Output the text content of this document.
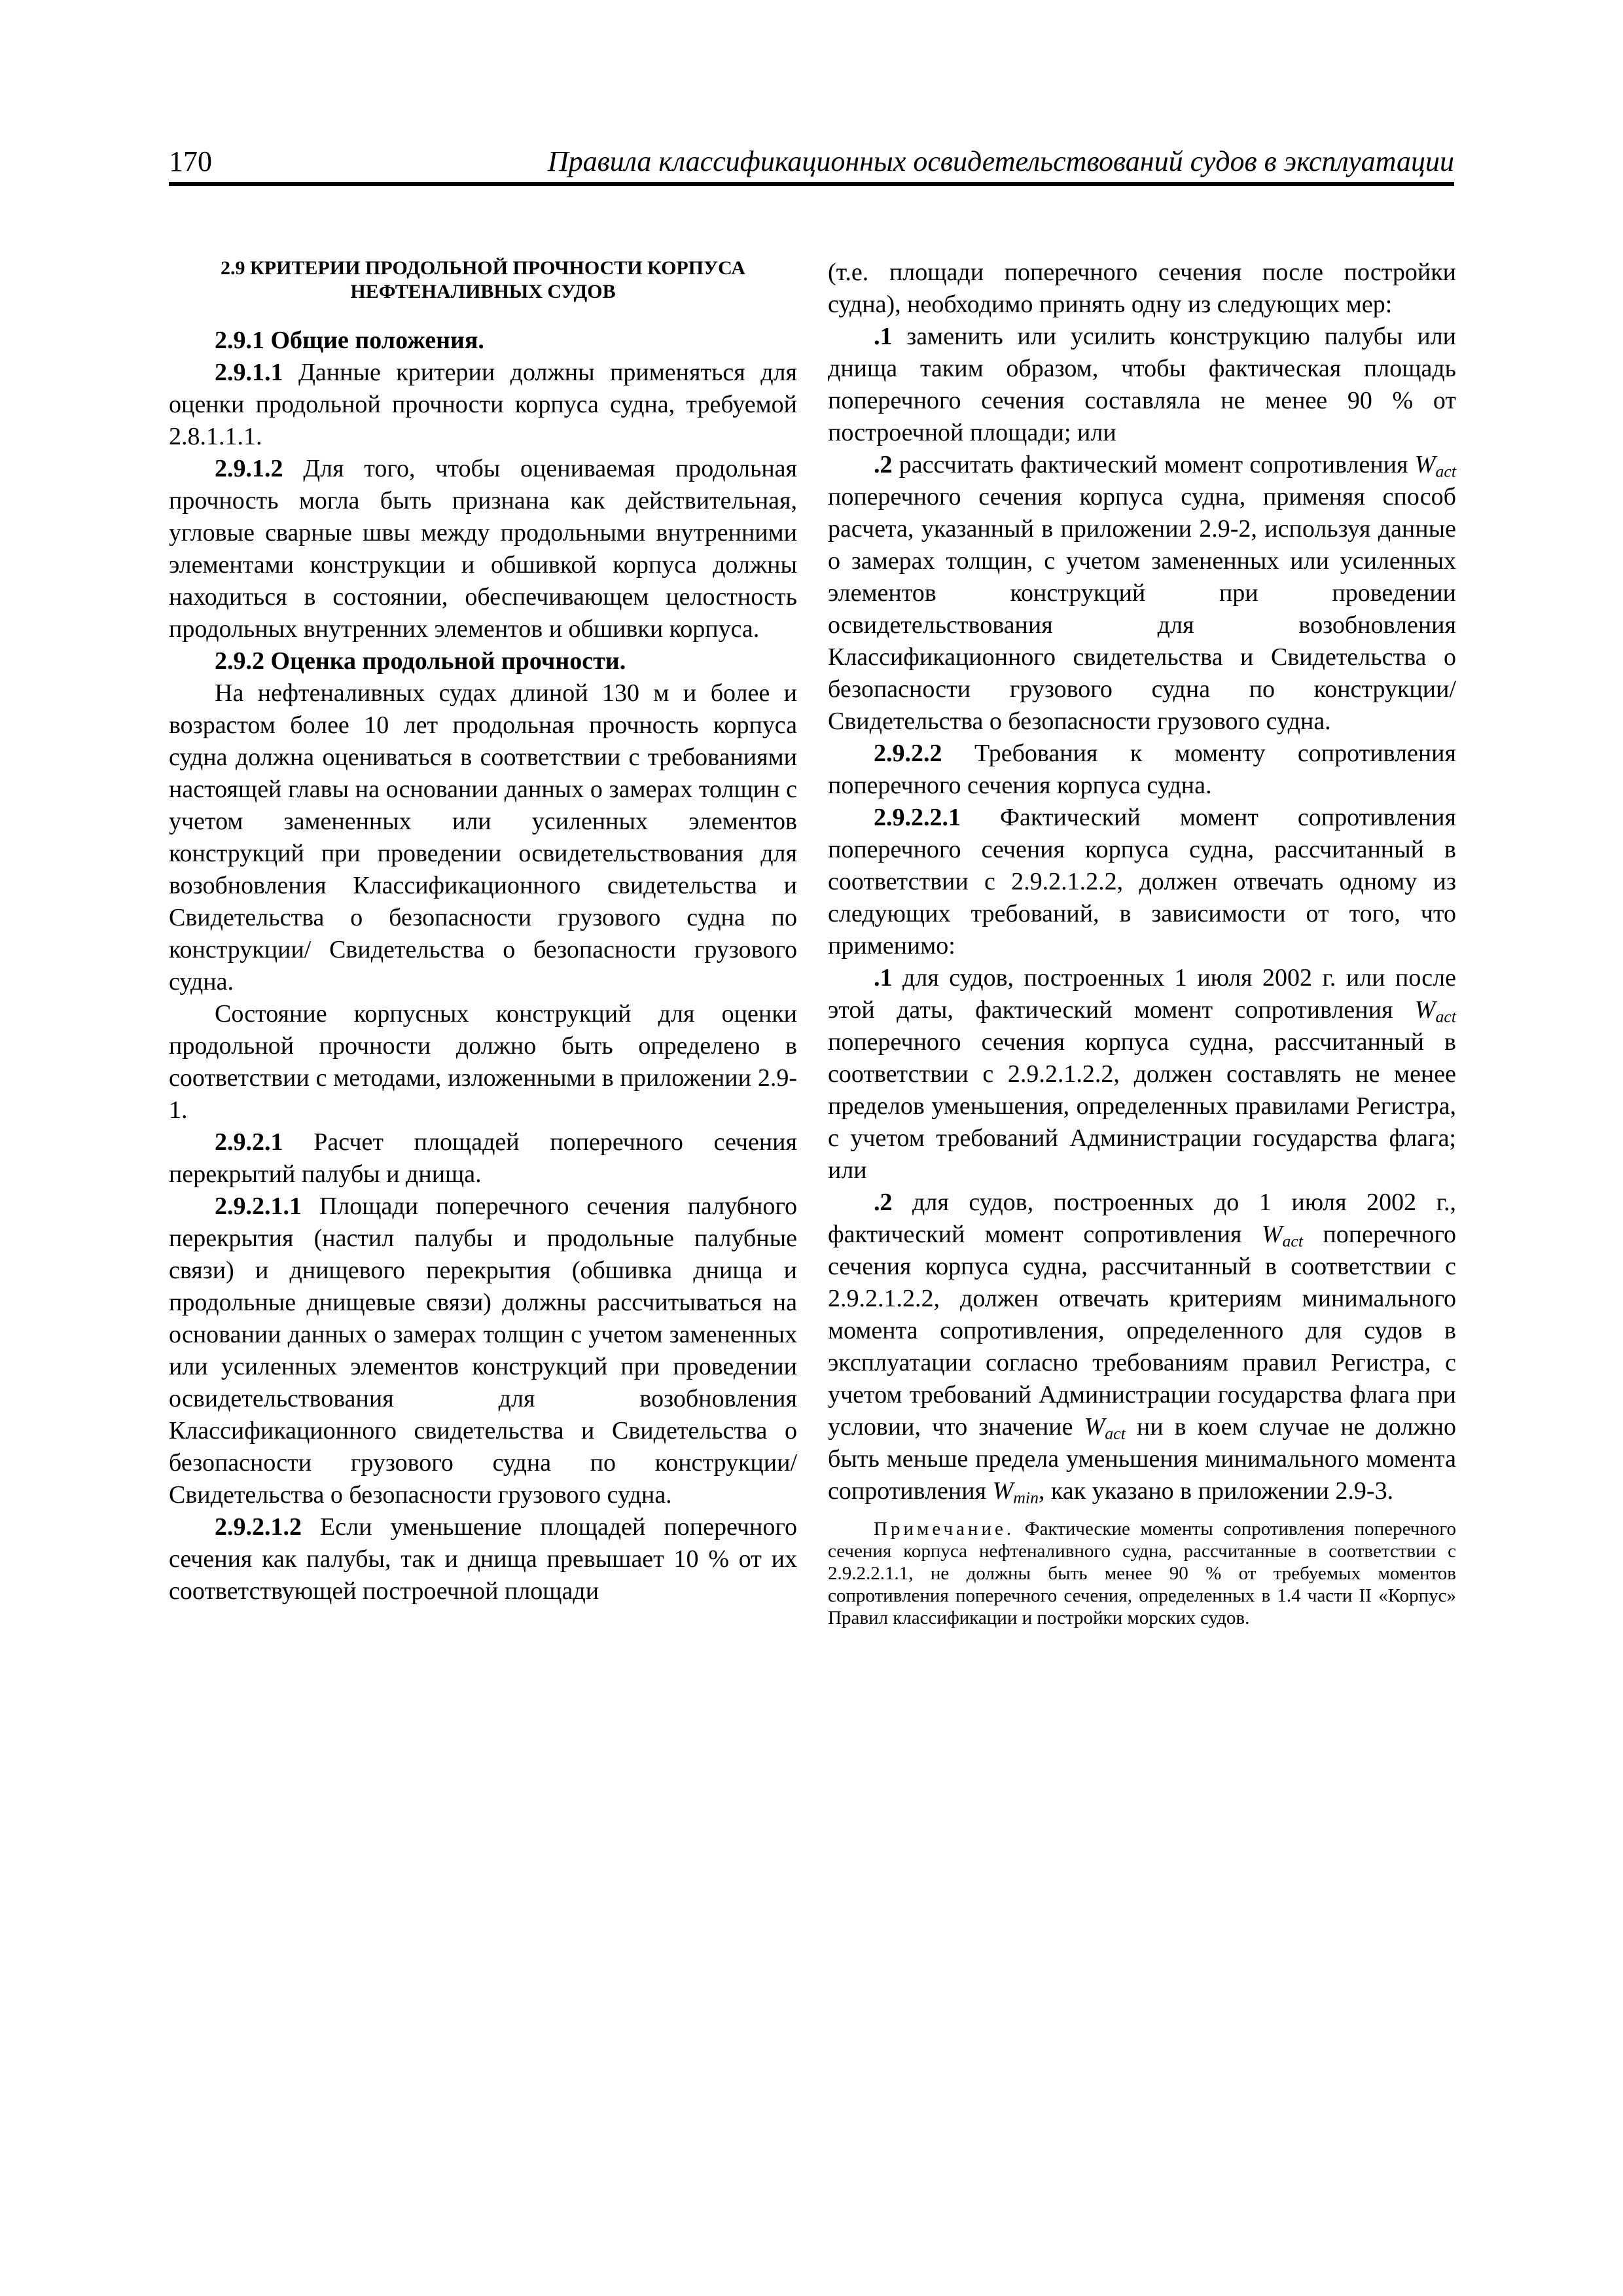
170	Правила классификационных освидетельствований судов в эксплуатации

2.9 КРИТЕРИИ ПРОДОЛЬНОЙ ПРОЧНОСТИ КОРПУСА
НЕФТЕНАЛИВНЫХ СУДОВ

2.9.1 Общие положения.

2.9.1.1 Данные критерии должны применяться для оценки продольной прочности корпуса судна, требуемой 2.8.1.1.1.

2.9.1.2 Для того, чтобы оцениваемая продольная прочность могла быть признана как действительная, угловые сварные швы между продольными внутренними элементами конструкции и обшивкой корпуса должны находиться в состоянии, обеспечивающем целостность продольных внутренних элементов и обшивки корпуса.

2.9.2 Оценка продольной прочности.

На нефтеналивных судах длиной 130 м и более и возрастом более 10 лет продольная прочность корпуса судна должна оцениваться в соответствии с требованиями настоящей главы на основании данных о замерах толщин с учетом замененных или усиленных элементов конструкций при проведении освидетельствования для возобновления Классификационного свидетельства и Свидетельства о безопасности грузового судна по конструкции/ Свидетельства о безопасности грузового судна.

Состояние корпусных конструкций для оценки продольной прочности должно быть определено в соответствии с методами, изложенными в приложении 2.9-1.

2.9.2.1 Расчет площадей поперечного сечения перекрытий палубы и днища.

2.9.2.1.1 Площади поперечного сечения палубного перекрытия (настил палубы и продольные палубные связи) и днищевого перекрытия (обшивка днища и продольные днищевые связи) должны рассчитываться на основании данных о замерах толщин с учетом замененных или усиленных элементов конструкций при проведении освидетельствования для возобновления Классификационного свидетельства и Свидетельства о безопасности грузового судна по конструкции/ Свидетельства о безопасности грузового судна.

2.9.2.1.2 Если уменьшение площадей поперечного сечения как палубы, так и днища превышает 10 % от их соответствующей построечной площади

(т.е. площади поперечного сечения после постройки судна), необходимо принять одну из следующих мер:

.1 заменить или усилить конструкцию палубы или днища таким образом, чтобы фактическая площадь поперечного сечения составляла не менее 90 % от построечной площади; или

.2 рассчитать фактический момент сопротивления $W_{act}$ поперечного сечения корпуса судна, применяя способ расчета, указанный в приложении 2.9-2, используя данные о замерах толщин, с учетом замененных или усиленных элементов конструкций при проведении освидетельствования для возобновления Классификационного свидетельства и Свидетельства о безопасности грузового судна по конструкции/Свидетельства о безопасности грузового судна.

2.9.2.2 Требования к моменту сопротивления поперечного сечения корпуса судна.

2.9.2.2.1 Фактический момент сопротивления поперечного сечения корпуса судна, рассчитанный в соответствии с 2.9.2.1.2.2, должен отвечать одному из следующих требований, в зависимости от того, что применимо:

.1 для судов, построенных 1 июля 2002 г. или после этой даты, фактический момент сопротивления $W_{act}$ поперечного сечения корпуса судна, рассчитанный в соответствии с 2.9.2.1.2.2, должен составлять не менее пределов уменьшения, определенных правилами Регистра, с учетом требований Администрации государства флага; или

.2 для судов, построенных до 1 июля 2002 г., фактический момент сопротивления $W_{act}$ поперечного сечения корпуса судна, рассчитанный в соответствии с 2.9.2.1.2.2, должен отвечать критериям минимального момента сопротивления, определенного для судов в эксплуатации согласно требованиям правил Регистра, с учетом требований Администрации государства флага при условии, что значение $W_{act}$ ни в коем случае не должно быть меньше предела уменьшения минимального момента сопротивления $W_{min}$, как указано в приложении 2.9-3.

Примечание. Фактические моменты сопротивления поперечного сечения корпуса нефтеналивного судна, рассчитанные в соответствии с 2.9.2.2.1.1, не должны быть менее 90 % от требуемых моментов сопротивления поперечного сечения, определенных в 1.4 части II «Корпус» Правил классификации и постройки морских судов.
